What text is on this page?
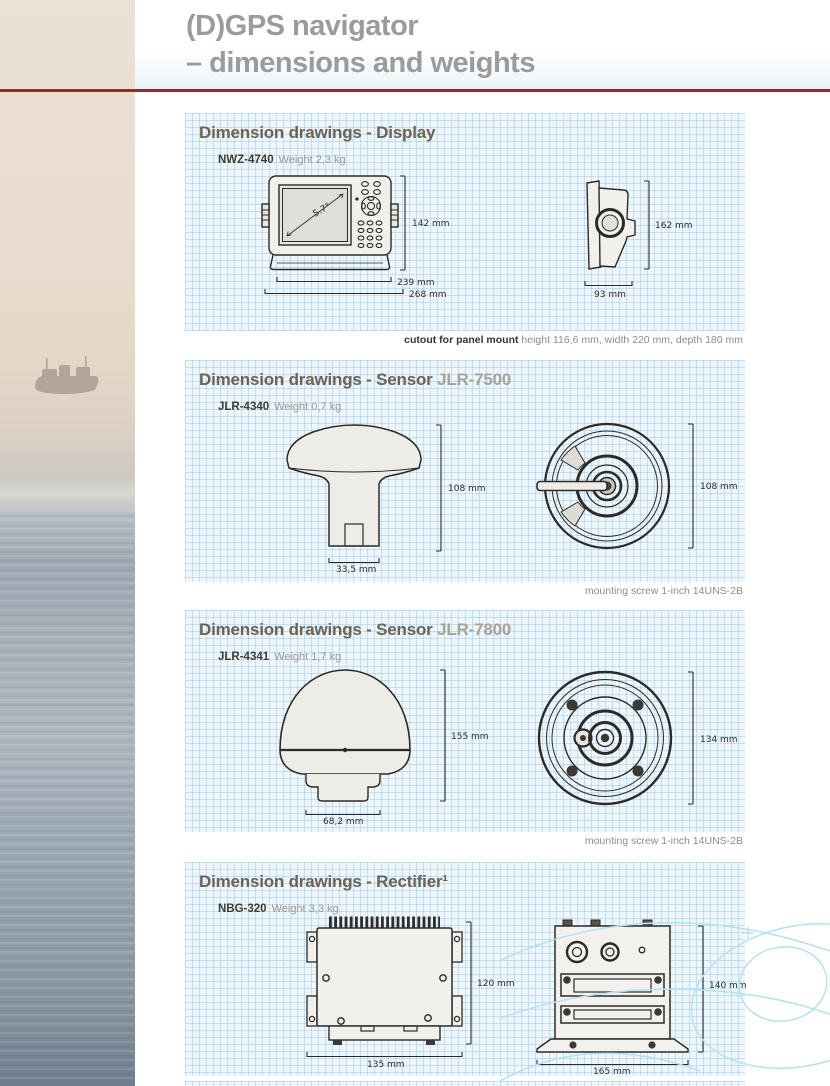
(D)GPS navigator
– dimensions and weights
Dimension drawings - Display
NWZ-4740 Weight 2,3 kg
5.7"
142 mm
239 mm
268 mm
162 mm
93 mm
cutout for panel mount height 116,6 mm, width 220 mm, depth 180 mm
Dimension drawings - Sensor JLR-7500
JLR-4340 Weight 0,7 kg
33,5 mm
108 mm	108 mm
mounting screw 1-inch 14UNS-2B
Dimension drawings - Sensor JLR-7800
JLR-4341 Weight 1,7 kg
68,2 mm
155 mm	134 mm
mounting screw 1-inch 14UNS-2B
Dimension drawings - Rectifier¹
NBG-320 Weight 3,3 kg
120 mm
135 mm
140 mm
165 mm
